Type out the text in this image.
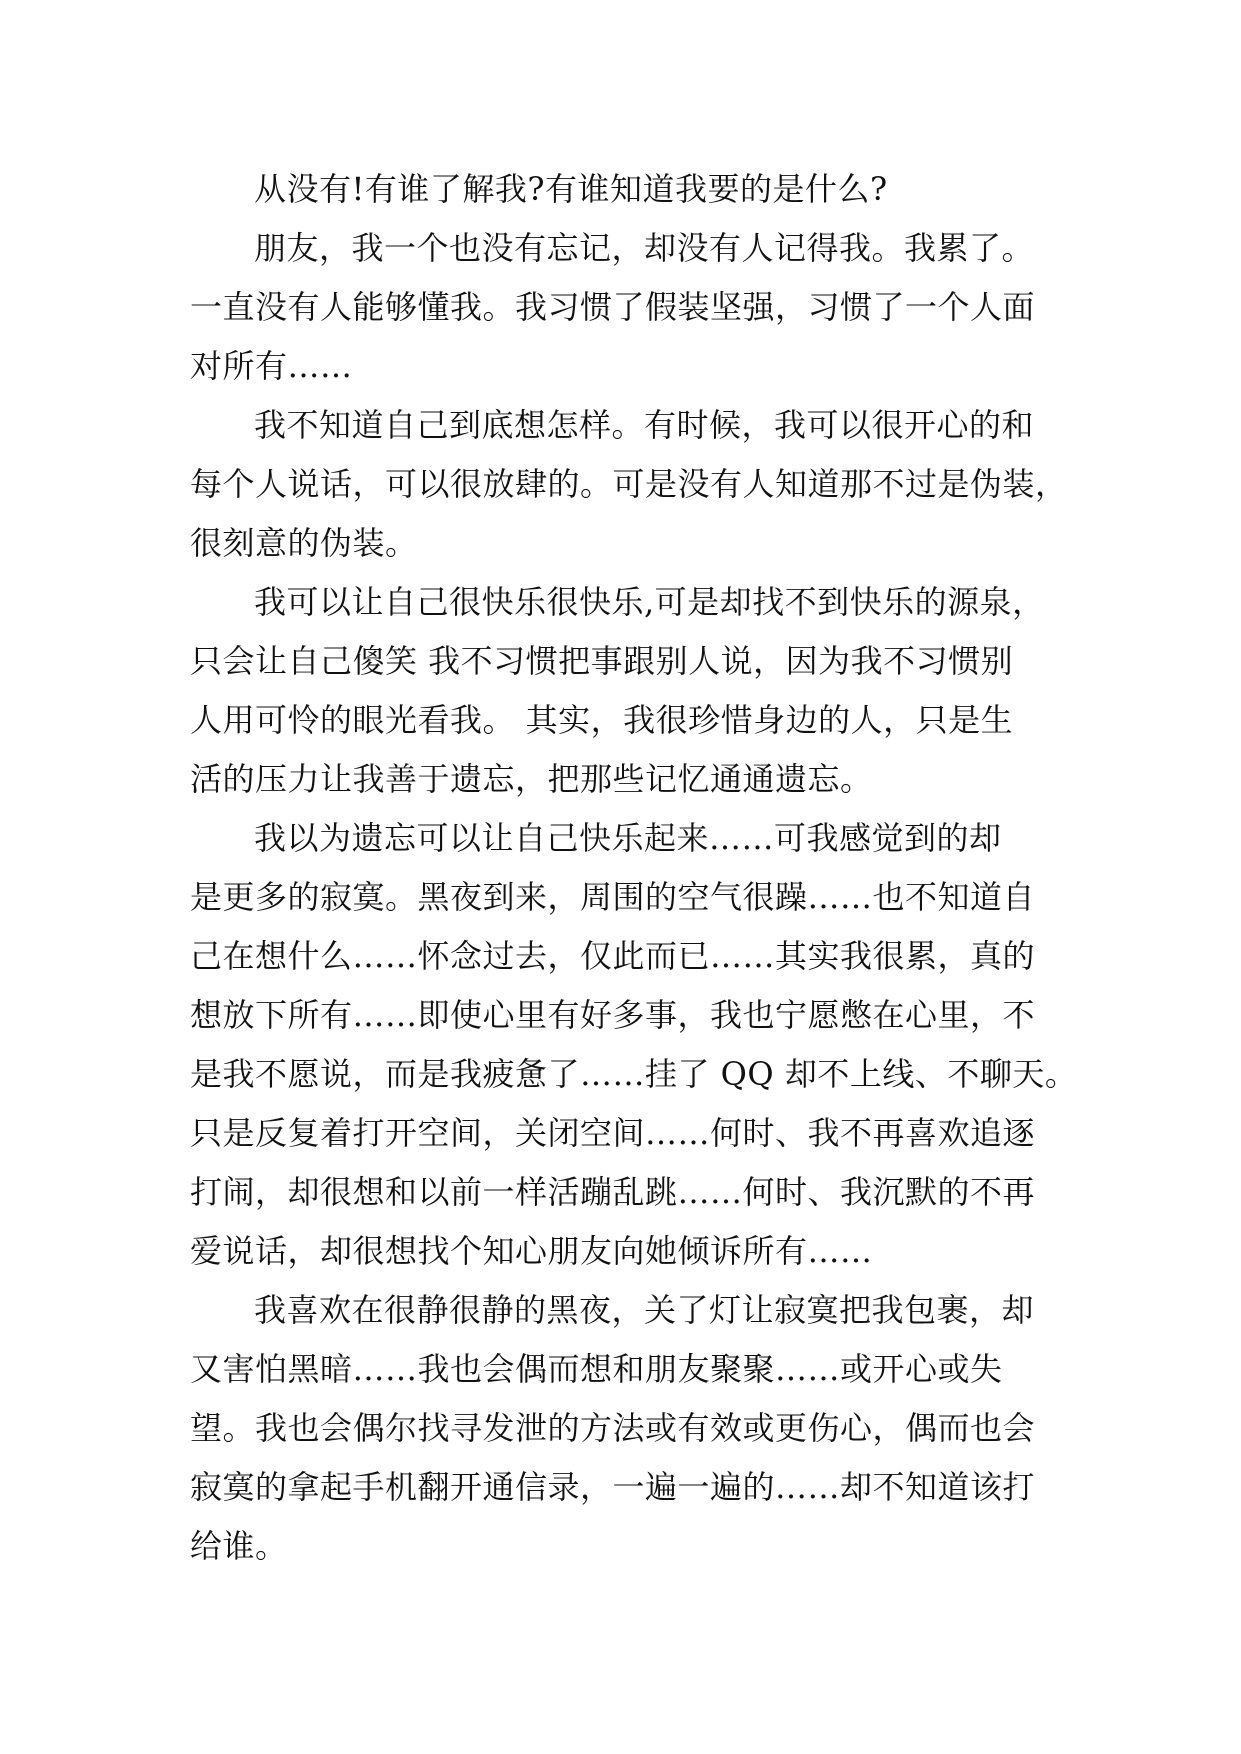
从没有!有谁了解我?有谁知道我要的是什么?
朋友，我一个也没有忘记，却没有人记得我。我累了。
一直没有人能够懂我。我习惯了假装坚强，习惯了一个人面
对所有……
我不知道自己到底想怎样。有时候，我可以很开心的和
每个人说话，可以很放肆的。可是没有人知道那不过是伪装，
很刻意的伪装。
我可以让自己很快乐很快乐,可是却找不到快乐的源泉，
只会让自己傻笑 我不习惯把事跟别人说，因为我不习惯别
人用可怜的眼光看我。 其实，我很珍惜身边的人，只是生
活的压力让我善于遗忘，把那些记忆通通遗忘。
我以为遗忘可以让自己快乐起来……可我感觉到的却
是更多的寂寞。黑夜到来，周围的空气很躁……也不知道自
己在想什么……怀念过去，仅此而已……其实我很累，真的
想放下所有……即使心里有好多事，我也宁愿憋在心里，不
是我不愿说，而是我疲惫了……挂了 QQ 却不上线、不聊天。
只是反复着打开空间，关闭空间……何时、我不再喜欢追逐
打闹，却很想和以前一样活蹦乱跳……何时、我沉默的不再
爱说话，却很想找个知心朋友向她倾诉所有……
我喜欢在很静很静的黑夜，关了灯让寂寞把我包裹，却
又害怕黑暗……我也会偶而想和朋友聚聚……或开心或失
望。我也会偶尔找寻发泄的方法或有效或更伤心，偶而也会
寂寞的拿起手机翻开通信录，一遍一遍的……却不知道该打
给谁。
